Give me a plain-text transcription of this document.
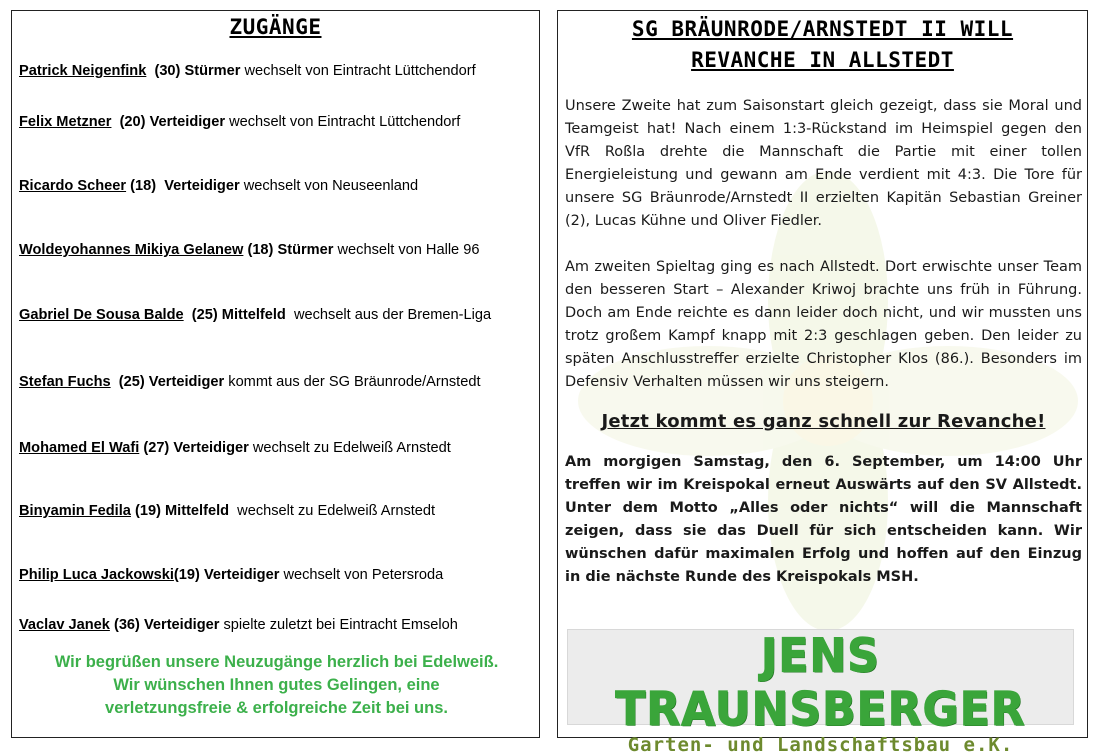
ZUGÄNGE
Patrick Neigenfink (30) Stürmer wechselt von Eintracht Lüttchendorf
Felix Metzner (20) Verteidiger wechselt von Eintracht Lüttchendorf
Ricardo Scheer (18) Verteidiger wechselt von Neuseenland
Woldeyohannes Mikiya Gelanew (18) Stürmer wechselt von Halle 96
Gabriel De Sousa Balde (25) Mittelfeld wechselt aus der Bremen-Liga
Stefan Fuchs (25) Verteidiger kommt aus der SG Bräunrode/Arnstedt
Mohamed El Wafi (27) Verteidiger wechselt zu Edelweiß Arnstedt
Binyamin Fedila (19) Mittelfeld wechselt zu Edelweiß Arnstedt
Philip Luca Jackowski(19) Verteidiger wechselt von Petersroda
Vaclav Janek (36) Verteidiger spielte zuletzt bei Eintracht Emseloh
Wir begrüßen unsere Neuzugänge herzlich bei Edelweiß.
Wir wünschen Ihnen gutes Gelingen, eine
verletzungsfreie & erfolgreiche Zeit bei uns.
SG BRÄUNRODE/ARNSTEDT II WILL
REVANCHE IN ALLSTEDT

Unsere Zweite hat zum Saisonstart gleich gezeigt, dass sie Moral und Teamgeist hat! Nach einem 1:3-Rückstand im Heimspiel gegen den VfR Roßla drehte die Mannschaft die Partie mit einer tollen Energieleistung und gewann am Ende verdient mit 4:3. Die Tore für unsere SG Bräunrode/Arnstedt II erzielten Kapitän Sebastian Greiner (2), Lucas Kühne und Oliver Fiedler.

Am zweiten Spieltag ging es nach Allstedt. Dort erwischte unser Team den besseren Start – Alexander Kriwoj brachte uns früh in Führung. Doch am Ende reichte es dann leider doch nicht, und wir mussten uns trotz großem Kampf knapp mit 2:3 geschlagen geben. Den leider zu späten Anschlusstreffer erzielte Christopher Klos (86.). Besonders im Defensiv Verhalten müssen wir uns steigern.

Jetzt kommt es ganz schnell zur Revanche!

Am morgigen Samstag, den 6. September, um 14:00 Uhr treffen wir im Kreispokal erneut Auswärts auf den SV Allstedt. Unter dem Motto „Alles oder nichts“ will die Mannschaft zeigen, dass sie das Duell für sich entscheiden kann. Wir wünschen dafür maximalen Erfolg und hoffen auf den Einzug in die nächste Runde des Kreispokals MSH.

JENS TRAUNSBERGER
Garten- und Landschaftsbau e.K.
